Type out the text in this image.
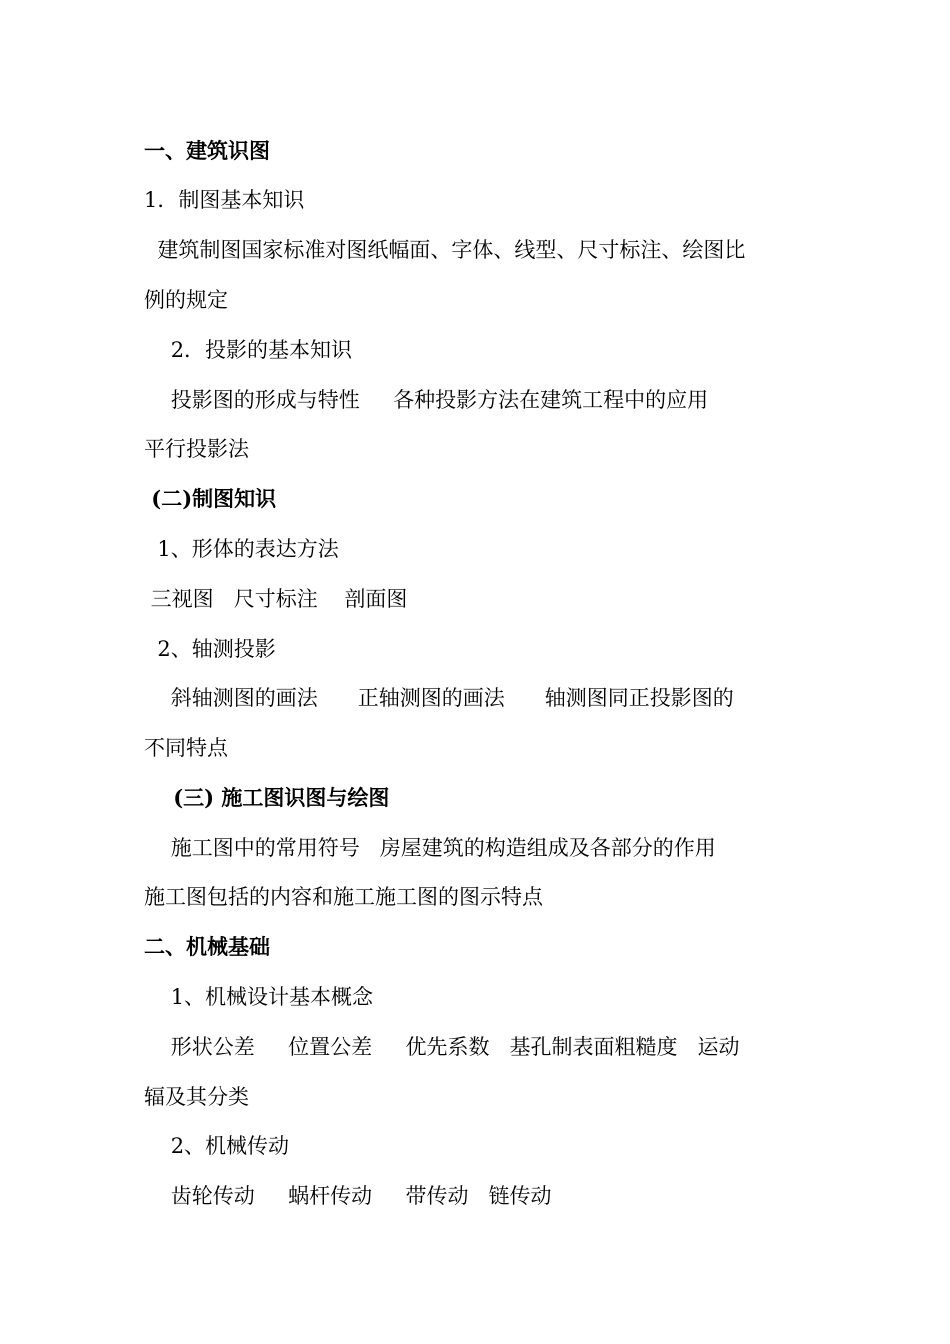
一、建筑识图
1．制图基本知识
建筑制图国家标准对图纸幅面、字体、线型、尺寸标注、绘图比
例的规定
2．投影的基本知识
投影图的形成与特性     各种投影方法在建筑工程中的应用
平行投影法
(二)制图知识
1、形体的表达方法
三视图   尺寸标注    剖面图
2、轴测投影
斜轴测图的画法      正轴测图的画法      轴测图同正投影图的
不同特点
(三) 施工图识图与绘图
施工图中的常用符号   房屋建筑的构造组成及各部分的作用
施工图包括的内容和施工施工图的图示特点
二、机械基础
1、机械设计基本概念
形状公差     位置公差     优先系数   基孔制表面粗糙度   运动
辐及其分类
2、机械传动
齿轮传动     蜗杆传动     带传动   链传动
